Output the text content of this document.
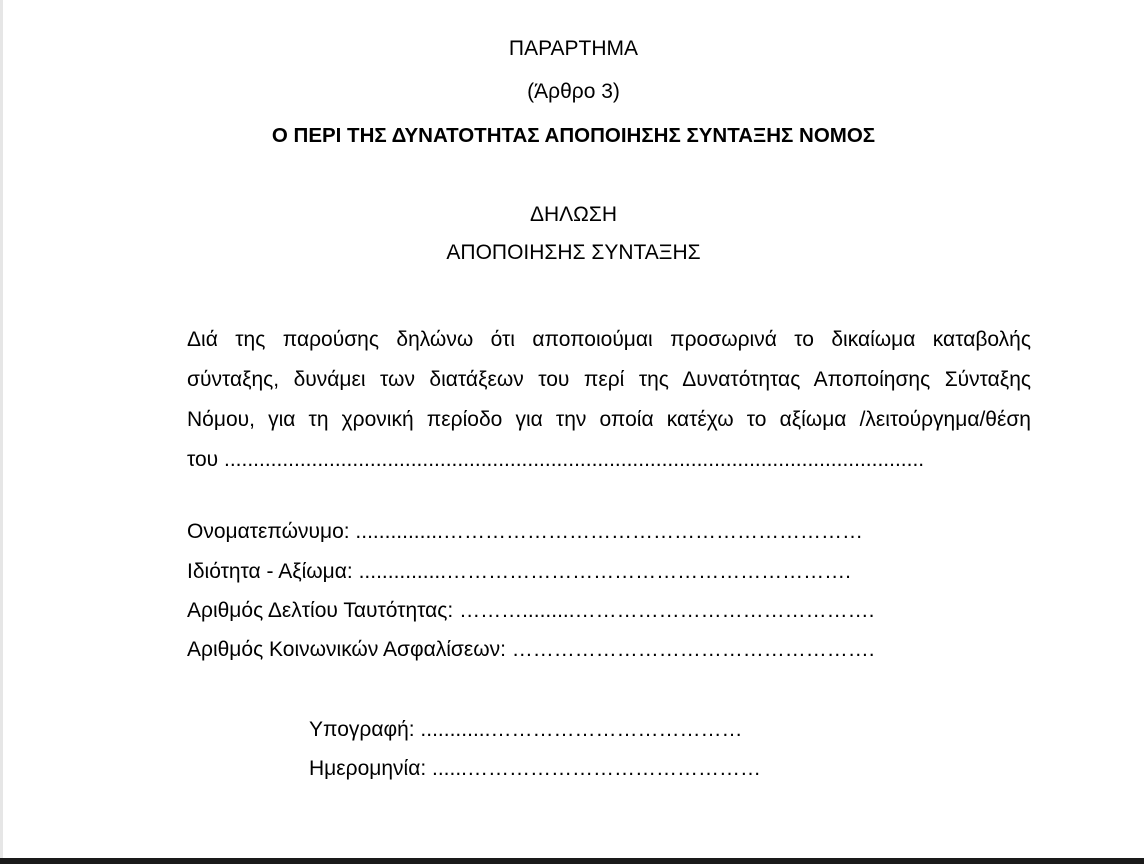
ΠΑΡΑΡΤΗΜΑ
(Άρθρο 3)
Ο ΠΕΡΙ ΤΗΣ ΔΥΝΑΤΟΤΗΤΑΣ ΑΠΟΠΟΙΗΣΗΣ ΣΥΝΤΑΞΗΣ ΝΟΜΟΣ
ΔΗΛΩΣΗ
ΑΠΟΠΟΙΗΣΗΣ ΣΥΝΤΑΞΗΣ
Διά της παρούσης δηλώνω ότι αποποιούμαι προσωρινά το δικαίωμα καταβολής
σύνταξης, δυνάμει των διατάξεων του περί της Δυνατότητας Αποποίησης Σύνταξης
Νόμου, για τη χρονική περίοδο για την οποία κατέχω το αξίωμα /λειτούργημα/θέση
του ........................................................................................................................
Ονοματεπώνυμο: ...............……………………………………………………
Ιδιότητα - Αξίωμα: ...............………………………………………………….
Αριθμός Δελτίου Ταυτότητας: ……….........…………………………………….
Αριθμός Κοινωνικών Ασφαλίσεων: …………………………………………….
Υπογραφή: ............………………………………
Ημερομηνία: ......……………………………………
